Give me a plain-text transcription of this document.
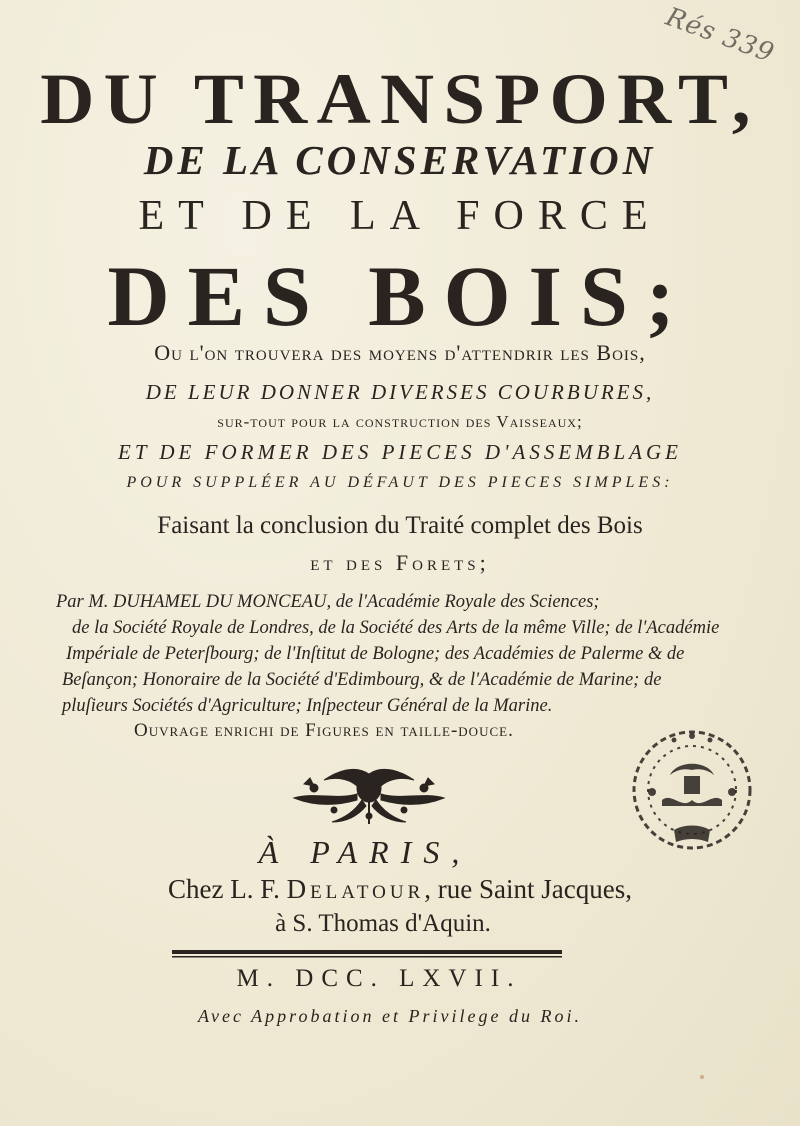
Rés 339
DU TRANSPORT,
DE LA CONSERVATION
ET DE LA FORCE
DES BOIS;
Ou l'on trouvera des moyens d'attendrir les Bois,
DE LEUR DONNER DIVERSES COURBURES,
sur-tout pour la construction des Vaisseaux;
ET DE FORMER DES PIECES D'ASSEMBLAGE
POUR SUPPLÉER AU DÉFAUT DES PIECES SIMPLES:
Faisant la conclusion du Traité complet des Bois
et des Forets;
Par M. DUHAMEL DU MONCEAU, de l'Académie Royale des Sciences;
de la Société Royale de Londres, de la Société des Arts de la même Ville; de l'Académie
Impériale de Peterſbourg; de l'Inſtitut de Bologne; des Académies de Palerme & de
Beſançon; Honoraire de la Société d'Edimbourg, & de l'Académie de Marine; de
pluſieurs Sociétés d'Agriculture; Inſpecteur Général de la Marine.
Ouvrage enrichi de Figures en taille-douce.
À PARIS,
Chez L. F. Delatour, rue Saint Jacques,
à S. Thomas d'Aquin.
M. DCC. LXVII.
Avec Approbation et Privilege du Roi.
